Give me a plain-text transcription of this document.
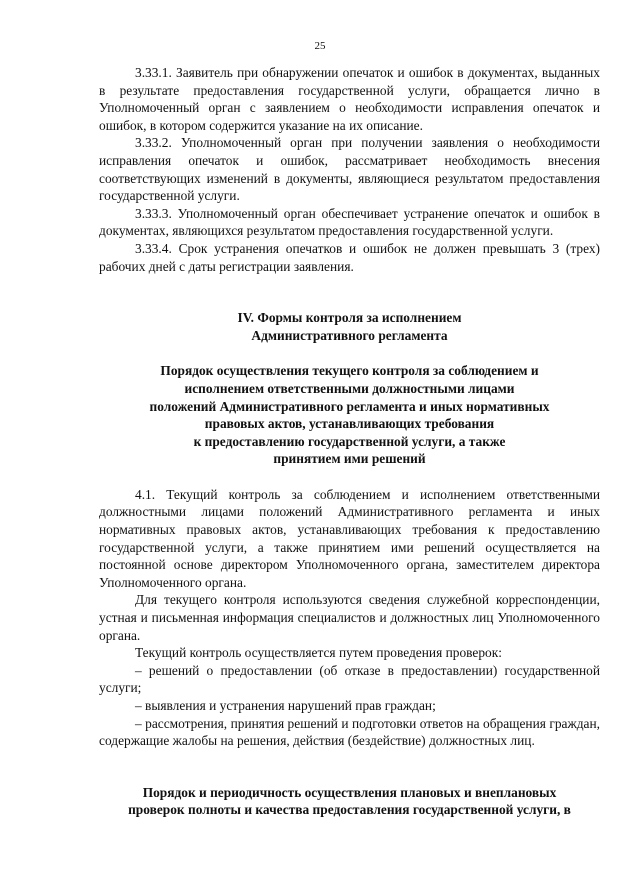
25

3.33.1. Заявитель при обнаружении опечаток и ошибок в документах, выданных в результате предоставления государственной услуги, обращается лично в Уполномоченный орган с заявлением о необходимости исправления опечаток и ошибок, в котором содержится указание на их описание.

3.33.2. Уполномоченный орган при получении заявления о необходимости исправления опечаток и ошибок, рассматривает необходимость внесения соответствующих изменений в документы, являющиеся результатом предоставления государственной услуги.

3.33.3. Уполномоченный орган обеспечивает устранение опечаток и ошибок в документах, являющихся результатом предоставления государственной услуги.

3.33.4. Срок устранения опечатков и ошибок не должен превышать 3 (трех) рабочих дней с даты регистрации заявления.

IV. Формы контроля за исполнением
Административного регламента
Порядок осуществления текущего контроля за соблюдением и
исполнением ответственными должностными лицами
положений Административного регламента и иных нормативных
правовых актов, устанавливающих требования
к предоставлению государственной услуги, а также
принятием ими решений

4.1. Текущий контроль за соблюдением и исполнением ответственными должностными лицами положений Административного регламента и иных нормативных правовых актов, устанавливающих требования к предоставлению государственной услуги, а также принятием ими решений осуществляется на постоянной основе директором Уполномоченного органа, заместителем директора Уполномоченного органа.

Для текущего контроля используются сведения служебной корреспонденции, устная и письменная информация специалистов и должностных лиц Уполномоченного органа.

Текущий контроль осуществляется путем проведения проверок:

– решений о предоставлении (об отказе в предоставлении) государственной услуги;

– выявления и устранения нарушений прав граждан;

– рассмотрения, принятия решений и подготовки ответов на обращения граждан, содержащие жалобы на решения, действия (бездействие) должностных лиц.

Порядок и периодичность осуществления плановых и внеплановых
проверок полноты и качества предоставления государственной услуги, в
